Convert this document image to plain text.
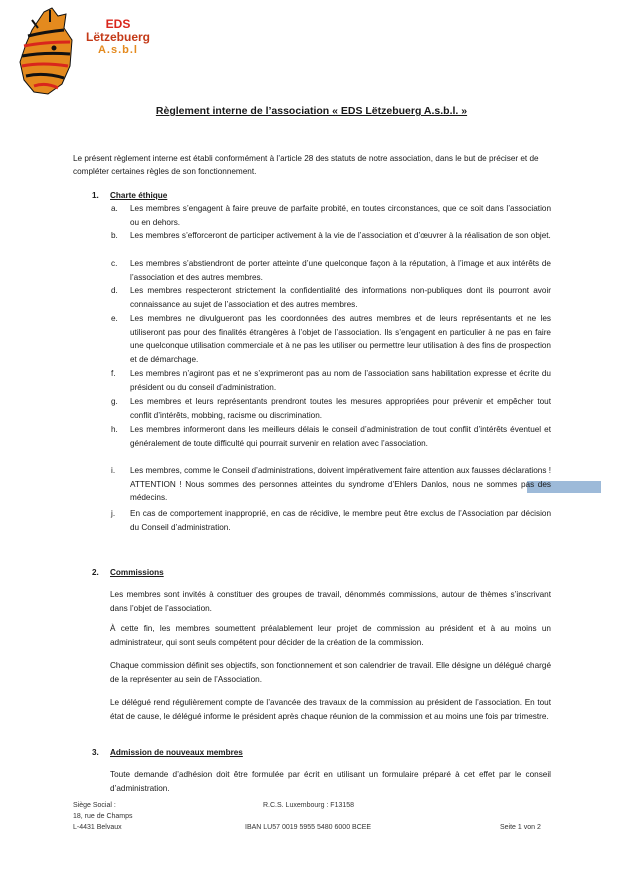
EDS
Lëtzebuerg
A.s.b.l
Règlement interne de l’association « EDS Lëtzebuerg A.s.b.l. »
Le présent règlement interne est établi conformément à l’article 28 des statuts de notre association, dans le but de préciser et de compléter certaines règles de son fonctionnement.
1. Charte éthique
a. Les membres s’engagent à faire preuve de parfaite probité, en toutes circonstances, que ce soit dans l’association ou en dehors.
b. Les membres s’efforceront de participer activement à la vie de l’association et d’œuvrer à la réalisation de son objet.
c. Les membres s’abstiendront de porter atteinte d’une quelconque façon à la réputation, à l’image et aux intérêts de l’association et des autres membres.
d. Les membres respecteront strictement la confidentialité des informations non-publiques dont ils pourront avoir connaissance au sujet de l’association et des autres membres.
e. Les membres ne divulgueront pas les coordonnées des autres membres et de leurs représentants et ne les utiliseront pas pour des finalités étrangères à l’objet de l’association. Ils s’engagent en particulier à ne pas en faire une quelconque utilisation commerciale et à ne pas les utiliser ou permettre leur utilisation à des fins de prospection et de démarchage.
f. Les membres n’agiront pas et ne s’exprimeront pas au nom de l’association sans habilitation expresse et écrite du président ou du conseil d’administration.
g. Les membres et leurs représentants prendront toutes les mesures appropriées pour prévenir et empêcher tout conflit d’intérêts, mobbing, racisme ou discrimination.
h. Les membres informeront dans les meilleurs délais le conseil d’administration de tout conflit d’intérêts éventuel et généralement de toute difficulté qui pourrait survenir en relation avec l’association.
i. Les membres, comme le Conseil d’administrations, doivent impérativement faire attention aux fausses déclarations ! ATTENTION ! Nous sommes des personnes atteintes du syndrome d’Ehlers Danlos, nous ne sommes pas des médecins.
j. En cas de comportement inapproprié, en cas de récidive, le membre peut être exclus de l’Association par décision du Conseil d’administration.
2. Commissions
Les membres sont invités à constituer des groupes de travail, dénommés commissions, autour de thèmes s’inscrivant dans l’objet de l’association.
À cette fin, les membres soumettent préalablement leur projet de commission au président et à au moins un administrateur, qui sont seuls compétent pour décider de la création de la commission.
Chaque commission définit ses objectifs, son fonctionnement et son calendrier de travail. Elle désigne un délégué chargé de la représenter au sein de l’Association.
Le délégué rend régulièrement compte de l’avancée des travaux de la commission au président de l’association. En tout état de cause, le délégué informe le président après chaque réunion de la commission et au moins une fois par trimestre.
3. Admission de nouveaux membres
Toute demande d’adhésion doit être formulée par écrit en utilisant un formulaire préparé à cet effet par le conseil d’administration.
Siège Social :
18, rue de Champs
L-4431 Belvaux
R.C.S. Luxembourg : F13158
IBAN LU57 0019 5955 5480 6000 BCEE	Seite 1 von 2
